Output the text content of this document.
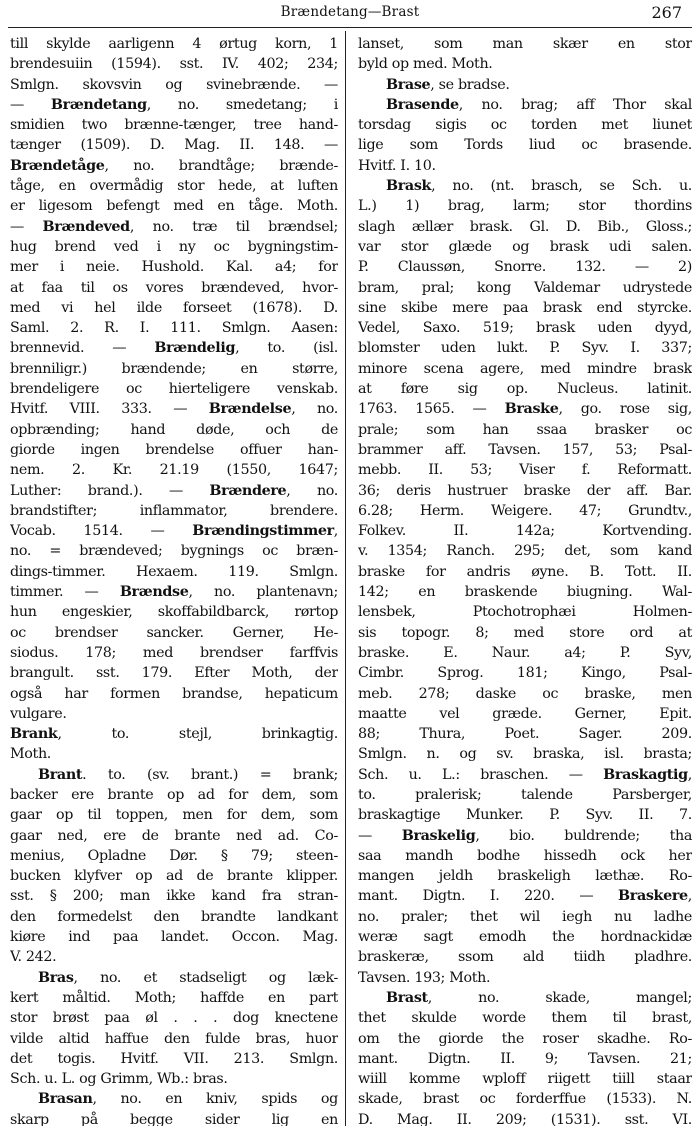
Brændetang—Brast	267
till skylde aarligenn 4 ørtug korn, 1
brendesuiin (1594). sst. IV. 402; 234;
Smlgn. skovsvin og svinebrænde. —
— Brændetang, no. smedetang; i
smidien two brænne-tænger, tree hand-
tænger (1509). D. Mag. II. 148. —
Brændetåge, no. brandtåge; brænde-
tåge, en overmådig stor hede, at luften
er ligesom befengt med en tåge. Moth.
— Brændeved, no. træ til brændsel;
hug brend ved i ny oc bygningstim-
mer i neie. Hushold. Kal. a4; for
at faa til os vores brændeved, hvor-
med vi hel ilde forseet (1678). D.
Saml. 2. R. I. 111. Smlgn. Aasen:
brennevid. — Brændelig, to. (isl.
brenniligr.) brændende; en større,
brendeligere oc hierteligere venskab.
Hvitf. VIII. 333. — Brændelse, no.
opbrænding; hand døde, och de
giorde ingen brendelse offuer han-
nem. 2. Kr. 21.19 (1550, 1647;
Luther: brand.). — Brændere, no.
brandstifter; inflammator, brendere.
Vocab. 1514. — Brændingstimmer,
no. = brændeved; bygnings oc bræn-
dings-timmer. Hexaem. 119. Smlgn.
timmer. — Brændse, no. plantenavn;
hun engeskier, skoffabildbarck, rørtop
oc brendser sancker. Gerner, He-
siodus. 178; med brendser farffvis
brangult. sst. 179. Efter Moth, der
også har formen brandse, hepaticum
vulgare.
Brank, to. stejl, brinkagtig.
Moth.
Brant. to. (sv. brant.) = brank;
backer ere brante op ad for dem, som
gaar op til toppen, men for dem, som
gaar ned, ere de brante ned ad. Co-
menius, Opladne Dør. § 79; steen-
bucken klyfver op ad de brante klipper.
sst. § 200; man ikke kand fra stran-
den formedelst den brandte landkant
kiøre ind paa landet. Occon. Mag.
V. 242.
Bras, no. et stadseligt og læk-
kert måltid. Moth; haffde en part
stor brøst paa øl . . . dog knectene
vilde altid haffue den fulde bras, huor
det togis. Hvitf. VII. 213. Smlgn.
Sch. u. L. og Grimm, Wb.: bras.
Brasan, no. en kniv, spids og
skarp på begge sider lig en
lanset, som man skær en stor
byld op med. Moth.
Brase, se bradse.
Brasende, no. brag; aff Thor skal
torsdag sigis oc torden met liunet
lige som Tords liud oc brasende.
Hvitf. I. 10.
Brask, no. (nt. brasch, se Sch. u.
L.) 1) brag, larm; stor thordins
slagh ællær brask. Gl. D. Bib., Gloss.;
var stor glæde og brask udi salen.
P. Claussøn, Snorre. 132. — 2)
bram, pral; kong Valdemar udrystede
sine skibe mere paa brask end styrcke.
Vedel, Saxo. 519; brask uden dyyd,
blomster uden lukt. P. Syv. I. 337;
minore scena agere, med mindre brask
at føre sig op. Nucleus. latinit.
1763. 1565. — Braske, go. rose sig,
prale; som han ssaa brasker oc
brammer aff. Tavsen. 157, 53; Psal-
mebb. II. 53; Viser f. Reformatt.
36; deris hustruer braske der aff. Bar.
6.28; Herm. Weigere. 47; Grundtv.,
Folkev. II. 142a; Kortvending.
v. 1354; Ranch. 295; det, som kand
braske for andris øyne. B. Tott. II.
142; en braskende biugning. Wal-
lensbek, Ptochotrophæi Holmen-
sis topogr. 8; med store ord at
braske. E. Naur. a4; P. Syv,
Cimbr. Sprog. 181; Kingo, Psal-
meb. 278; daske oc braske, men
maatte vel græde. Gerner, Epit.
88; Thura, Poet. Sager. 209.
Smlgn. n. og sv. braska, isl. brasta;
Sch. u. L.: braschen. — Braskagtig,
to. pralerisk; talende Parsberger,
braskagtige Munker. P. Syv. II. 7.
— Braskelig, bio. buldrende; tha
saa mandh bodhe hissedh ock her
mangen jeldh braskeligh læthæ. Ro-
mant. Digtn. I. 220. — Braskere,
no. praler; thet wil iegh nu ladhe
weræ sagt emodh the hordnackidæ
braskeræ, ssom ald tiidh pladhre.
Tavsen. 193; Moth.
Brast, no. skade, mangel;
thet skulde worde them til brast,
om the giorde the roser skadhe. Ro-
mant. Digtn. II. 9; Tavsen. 21;
wiill komme wploff riigett tiill staar
skade, brast oc forderffue (1533). N.
D. Mag. II. 209; (1531). sst. VI.
